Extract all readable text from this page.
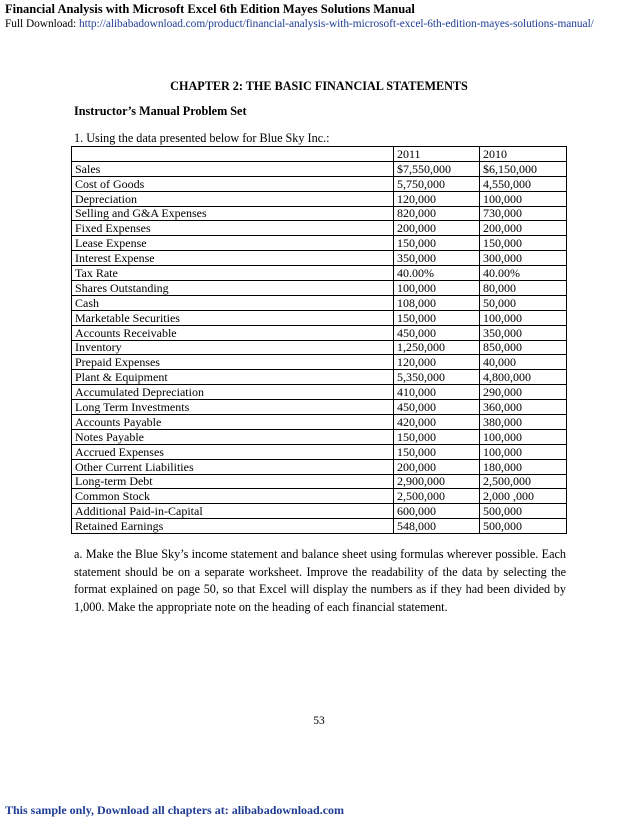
Financial Analysis with Microsoft Excel 6th Edition Mayes Solutions Manual
Full Download: http://alibabadownload.com/product/financial-analysis-with-microsoft-excel-6th-edition-mayes-solutions-manual/
CHAPTER 2: THE BASIC FINANCIAL STATEMENTS
Instructor’s Manual Problem Set
1. Using the data presented below for Blue Sky Inc.:
	2011	2010
Sales	$7,550,000	$6,150,000
Cost of Goods	5,750,000	4,550,000
Depreciation	120,000	100,000
Selling and G&A Expenses	820,000	730,000
Fixed Expenses	200,000	200,000
Lease Expense	150,000	150,000
Interest Expense	350,000	300,000
Tax Rate	40.00%	40.00%
Shares Outstanding	100,000	80,000
Cash	108,000	50,000
Marketable Securities	150,000	100,000
Accounts Receivable	450,000	350,000
Inventory	1,250,000	850,000
Prepaid Expenses	120,000	40,000
Plant & Equipment	5,350,000	4,800,000
Accumulated Depreciation	410,000	290,000
Long Term Investments	450,000	360,000
Accounts Payable	420,000	380,000
Notes Payable	150,000	100,000
Accrued Expenses	150,000	100,000
Other Current Liabilities	200,000	180,000
Long-term Debt	2,900,000	2,500,000
Common Stock	2,500,000	2,000 ,000
Additional Paid-in-Capital	600,000	500,000
Retained Earnings	548,000	500,000
a. Make the Blue Sky’s income statement and balance sheet using formulas wherever possible. Each statement should be on a separate worksheet. Improve the readability of the data by selecting the format explained on page 50, so that Excel will display the numbers as if they had been divided by 1,000. Make the appropriate note on the heading of each financial statement.
53
This sample only, Download all chapters at: alibabadownload.com
